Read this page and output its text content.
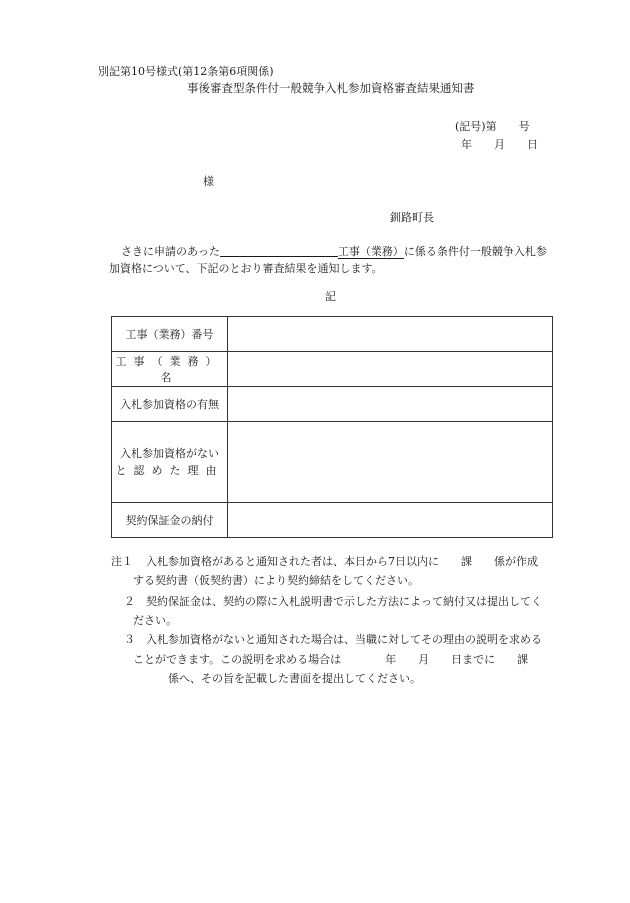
別記第10号様式(第12条第6項関係)
事後審査型条件付一般競争入札参加資格審査結果通知書
(記号)第　　号
年　　月　　日
様
釧路町長
さきに申請のあった	工事（業務）に係る条件付一般競争入札参
加資格について、下記のとおり審査結果を通知します。
記
工事（業務）番号	
工事（業務）名	
入札参加資格の有無	

入札参加資格がない
と認めた理由	

契約保証金の納付	
注１ 入札参加資格があると通知された者は、本日から7日以内に　　課　　係が作成
する契約書（仮契約書）により契約締結をしてください。
２ 契約保証金は、契約の際に入札説明書で示した方法によって納付又は提出してく
ださい。
３ 入札参加資格がないと通知された場合は、当職に対してその理由の説明を求める
ことができます。この説明を求める場合は　　　　年　　月　　日までに　　課
係へ、その旨を記載した書面を提出してください。
